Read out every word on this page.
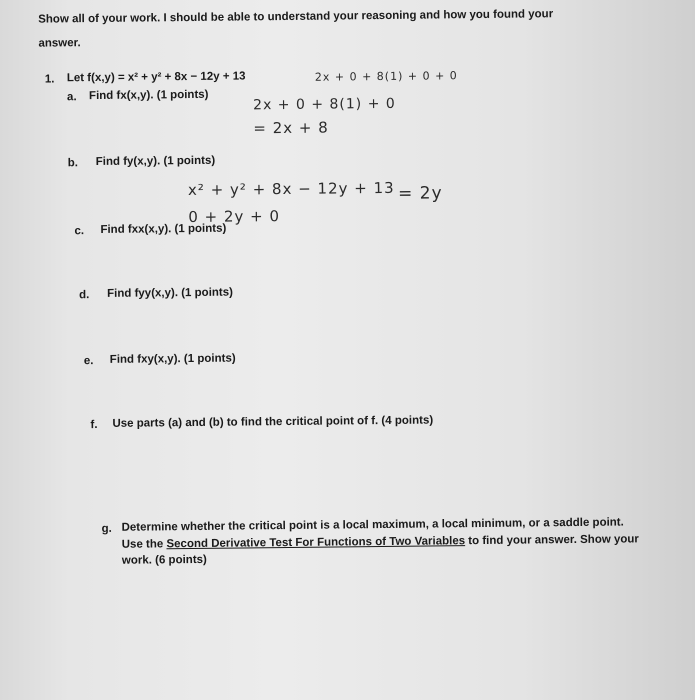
Show all of your work. I should be able to understand your reasoning and how you found your
answer.
1. Let f(x,y) = x² + y² + 8x − 12y + 13
a. Find fx(x,y). (1 points)
2x + 0 + 8(1) + 0 + 0
2x + 0 + 8(1) + 0
= 2x + 8
b. Find fy(x,y). (1 points)
x² + y² + 8x − 12y + 13 = 2y
0 + 2y + 0
c. Find fxx(x,y). (1 points)
d. Find fyy(x,y). (1 points)
e. Find fxy(x,y). (1 points)
f. Use parts (a) and (b) to find the critical point of f. (4 points)
g. Determine whether the critical point is a local maximum, a local minimum, or a saddle point.
Use the Second Derivative Test For Functions of Two Variables to find your answer. Show your
work. (6 points)
